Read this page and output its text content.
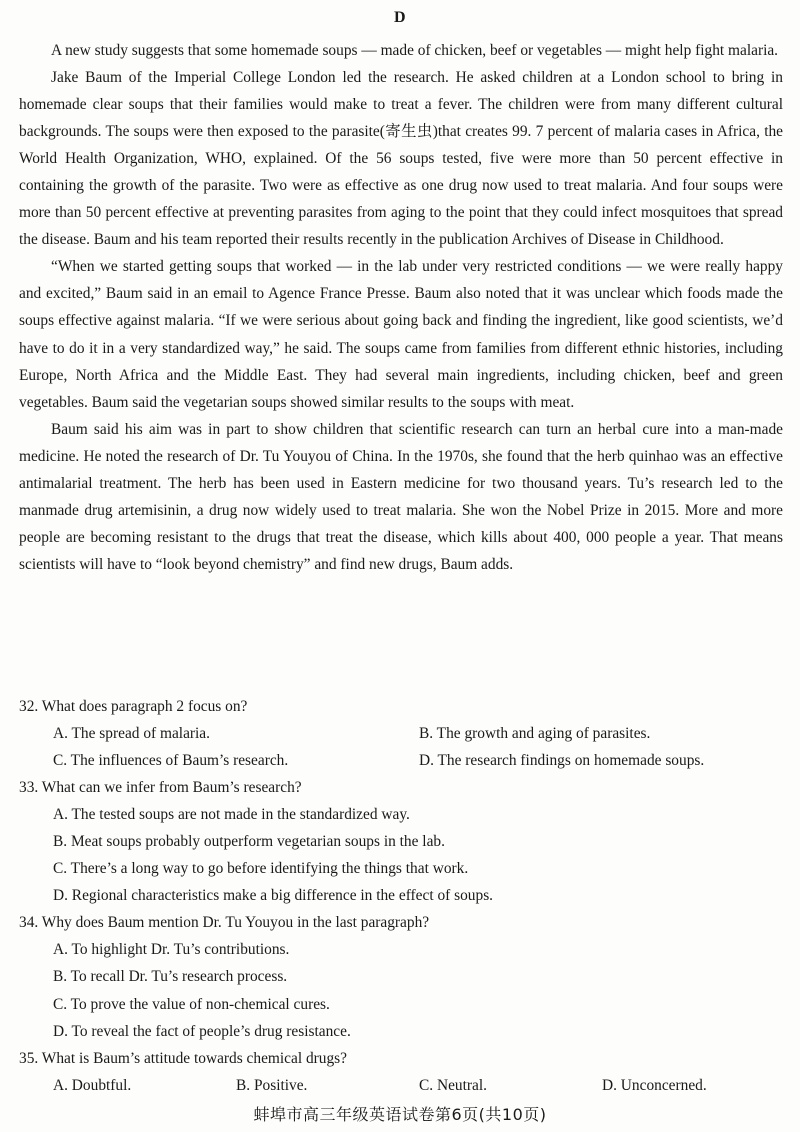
D

A new study suggests that some homemade soups — made of chicken, beef or vegetables — might help fight malaria.

Jake Baum of the Imperial College London led the research. He asked children at a London school to bring in homemade clear soups that their families would make to treat a fever. The children were from many different cultural backgrounds. The soups were then exposed to the parasite(寄生虫)that creates 99. 7 percent of malaria cases in Africa, the World Health Organization, WHO, explained. Of the 56 soups tested, five were more than 50 percent effective in containing the growth of the parasite. Two were as effective as one drug now used to treat malaria. And four soups were more than 50 percent effective at preventing parasites from aging to the point that they could infect mosquitoes that spread the disease. Baum and his team reported their results recently in the publication Archives of Disease in Childhood.

“When we started getting soups that worked — in the lab under very restricted conditions — we were really happy and excited,” Baum said in an email to Agence France Presse. Baum also noted that it was unclear which foods made the soups effective against malaria. “If we were serious about going back and finding the ingredient, like good scientists, we’d have to do it in a very standardized way,” he said. The soups came from families from different ethnic histories, including Europe, North Africa and the Middle East. They had several main ingredients, including chicken, beef and green vegetables. Baum said the vegetarian soups showed similar results to the soups with meat.

Baum said his aim was in part to show children that scientific research can turn an herbal cure into a man-made medicine. He noted the research of Dr. Tu Youyou of China. In the 1970s, she found that the herb quinhao was an effective antimalarial treatment. The herb has been used in Eastern medicine for two thousand years. Tu’s research led to the manmade drug artemisinin, a drug now widely used to treat malaria. She won the Nobel Prize in 2015. More and more people are becoming resistant to the drugs that treat the disease, which kills about 400, 000 people a year. That means scientists will have to “look beyond chemistry” and find new drugs, Baum adds.

32. What does paragraph 2 focus on?
A. The spread of malaria.	B. The growth and aging of parasites.
C. The influences of Baum’s research.	D. The research findings on homemade soups.
33. What can we infer from Baum’s research?
A. The tested soups are not made in the standardized way.
B. Meat soups probably outperform vegetarian soups in the lab.
C. There’s a long way to go before identifying the things that work.
D. Regional characteristics make a big difference in the effect of soups.
34. Why does Baum mention Dr. Tu Youyou in the last paragraph?
A. To highlight Dr. Tu’s contributions.
B. To recall Dr. Tu’s research process.
C. To prove the value of non-chemical cures.
D. To reveal the fact of people’s drug resistance.
35. What is Baum’s attitude towards chemical drugs?
A. Doubtful.	B. Positive.	C. Neutral.	D. Unconcerned.
蚌埠市高三年级英语试卷第6页(共10页)
